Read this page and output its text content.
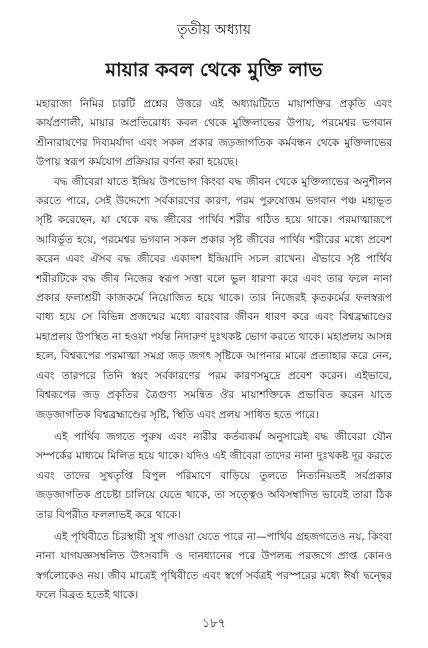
তৃতীয় অধ্যায়
মায়ার কবল থেকে মুক্তি লাভ

মহারাজা নিমির চারটি প্রশ্নের উত্তরে এই অধ্যায়টিতে মায়াশক্তির প্রকৃতি এবং কার্যপ্রণালী, মায়ার অপ্রতিরোধ্য কবল থেকে মুক্তিলাভের উপায়, পরমেশ্বর ভগবান শ্রীনারায়ণের দিব্যমর্যাদা এবং সকল প্রকার জড়জাগতিক কর্মবন্ধন থেকে মুক্তিলাভের উপায় স্বরূপ কর্মযোগ প্রক্রিয়ার বর্ণনা করা হয়েছে।

বদ্ধ জীবেরা যাতে ইন্দ্রিয় উপভোগ কিংবা বদ্ধ জীবন থেকে মুক্তিলাভের অনুশীলন করতে পারে, সেই উদ্দেশ্যে সর্বকারণের কারণ, পরম পুরুষোত্তম ভগবান পঞ্চ মহাভূত সৃষ্টি করেছেন, যা থেকে বদ্ধ জীবের পার্থিব শরীর গঠিত হয়ে থাকে। পরমাত্মারূপে আবির্ভূত হয়ে, পরমেশ্বর ভগবান সকল প্রকার সৃষ্ট জীবের পার্থিব শরীরের মধ্যে প্রবেশ করেন এবং ঐসব বদ্ধ জীবের একাদশ ইন্দ্রিয়াদি সচল রাখেন। ঐভাবে সৃষ্ট পার্থিব শরীরটিকে বদ্ধ জীব নিজের স্বরূপ সত্তা বলে ভুল ধারণা করে এবং তার ফলে নানা প্রকার ফলাশ্রয়ী কাজকর্মে নিয়োজিত হয়ে থাকে। তার নিজেরই কৃতকর্মের ফলস্বরূপ বাধ্য হয়ে সে বিভিন্ন প্রজন্মের মধ্যে বারংবার জীবন ধারণ করে এবং বিশ্বব্রহ্মাণ্ডের মহাপ্রলয় উপস্থিত না হওয়া পর্যন্ত নিদারুণ দুঃখকষ্ট ভোগ করতে থাকে। মহাপ্রলয় আসন্ন হলে, বিশ্বরূপের পরমাত্মা সমগ্র জড় জগৎ সৃষ্টিকে আপনার মাঝে প্রত্যাহার করে নেন, এবং তারপরে তিনি স্বয়ং সর্বকারণের পরম কারণসমুদ্রে প্রবেশ করেন। এইভাবে, বিশ্বরূপের জড় প্রকৃতির ত্রৈগুণ্য সমন্বিত ঔর মায়াশক্তিকে প্রভাবিত করেন যাতে জড়জাগতিক বিশ্বব্রহ্মাণ্ডের সৃষ্টি, স্থিতি এবং প্রলয় সাধিত হতে পারে।

এই পার্থিব জগতে পুরুষ এবং নারীর কর্তব্যকর্ম অনুসারেই বদ্ধ জীবেরা যৌন সম্পর্কের মাধ্যমে মিলিত হয়ে থাকে। যদিও এই জীবেরা তাদের নানা দুঃখকষ্ট দূর করতে এবং তাদের সুখতৃপ্তি বিপুল পরিমাণে বাড়িয়ে তুলতে নিত্যনিয়তই সর্বপ্রকার জড়জাগতিক প্রচেষ্টা চালিয়ে যেতে থাকে, তা সত্ত্বেও অবিসম্বাদিত ভাবেই তারা ঠিক তার বিপরীত ফললাভই করে থাকে।

এই পৃথিবীতে চিরস্থায়ী সুখ পাওয়া যেতে পারে না—পার্থিব গ্রহজগতেও নয়, কিংবা নানা যাগযজ্ঞসম্বলিত উৎসবাদি ও দানধ্যানের পরে উপলব্ধ পরজগে প্রাপ্ত কোনও স্বর্গলোকেও নয়। জীব মাত্রেই পৃথিবীতে এবং স্বর্গে সর্বত্রই পরস্পরের মধ্যে ঈর্ষা দ্বন্দ্বের ফলে বিব্রত হতেই থাকে।

১৮৭
